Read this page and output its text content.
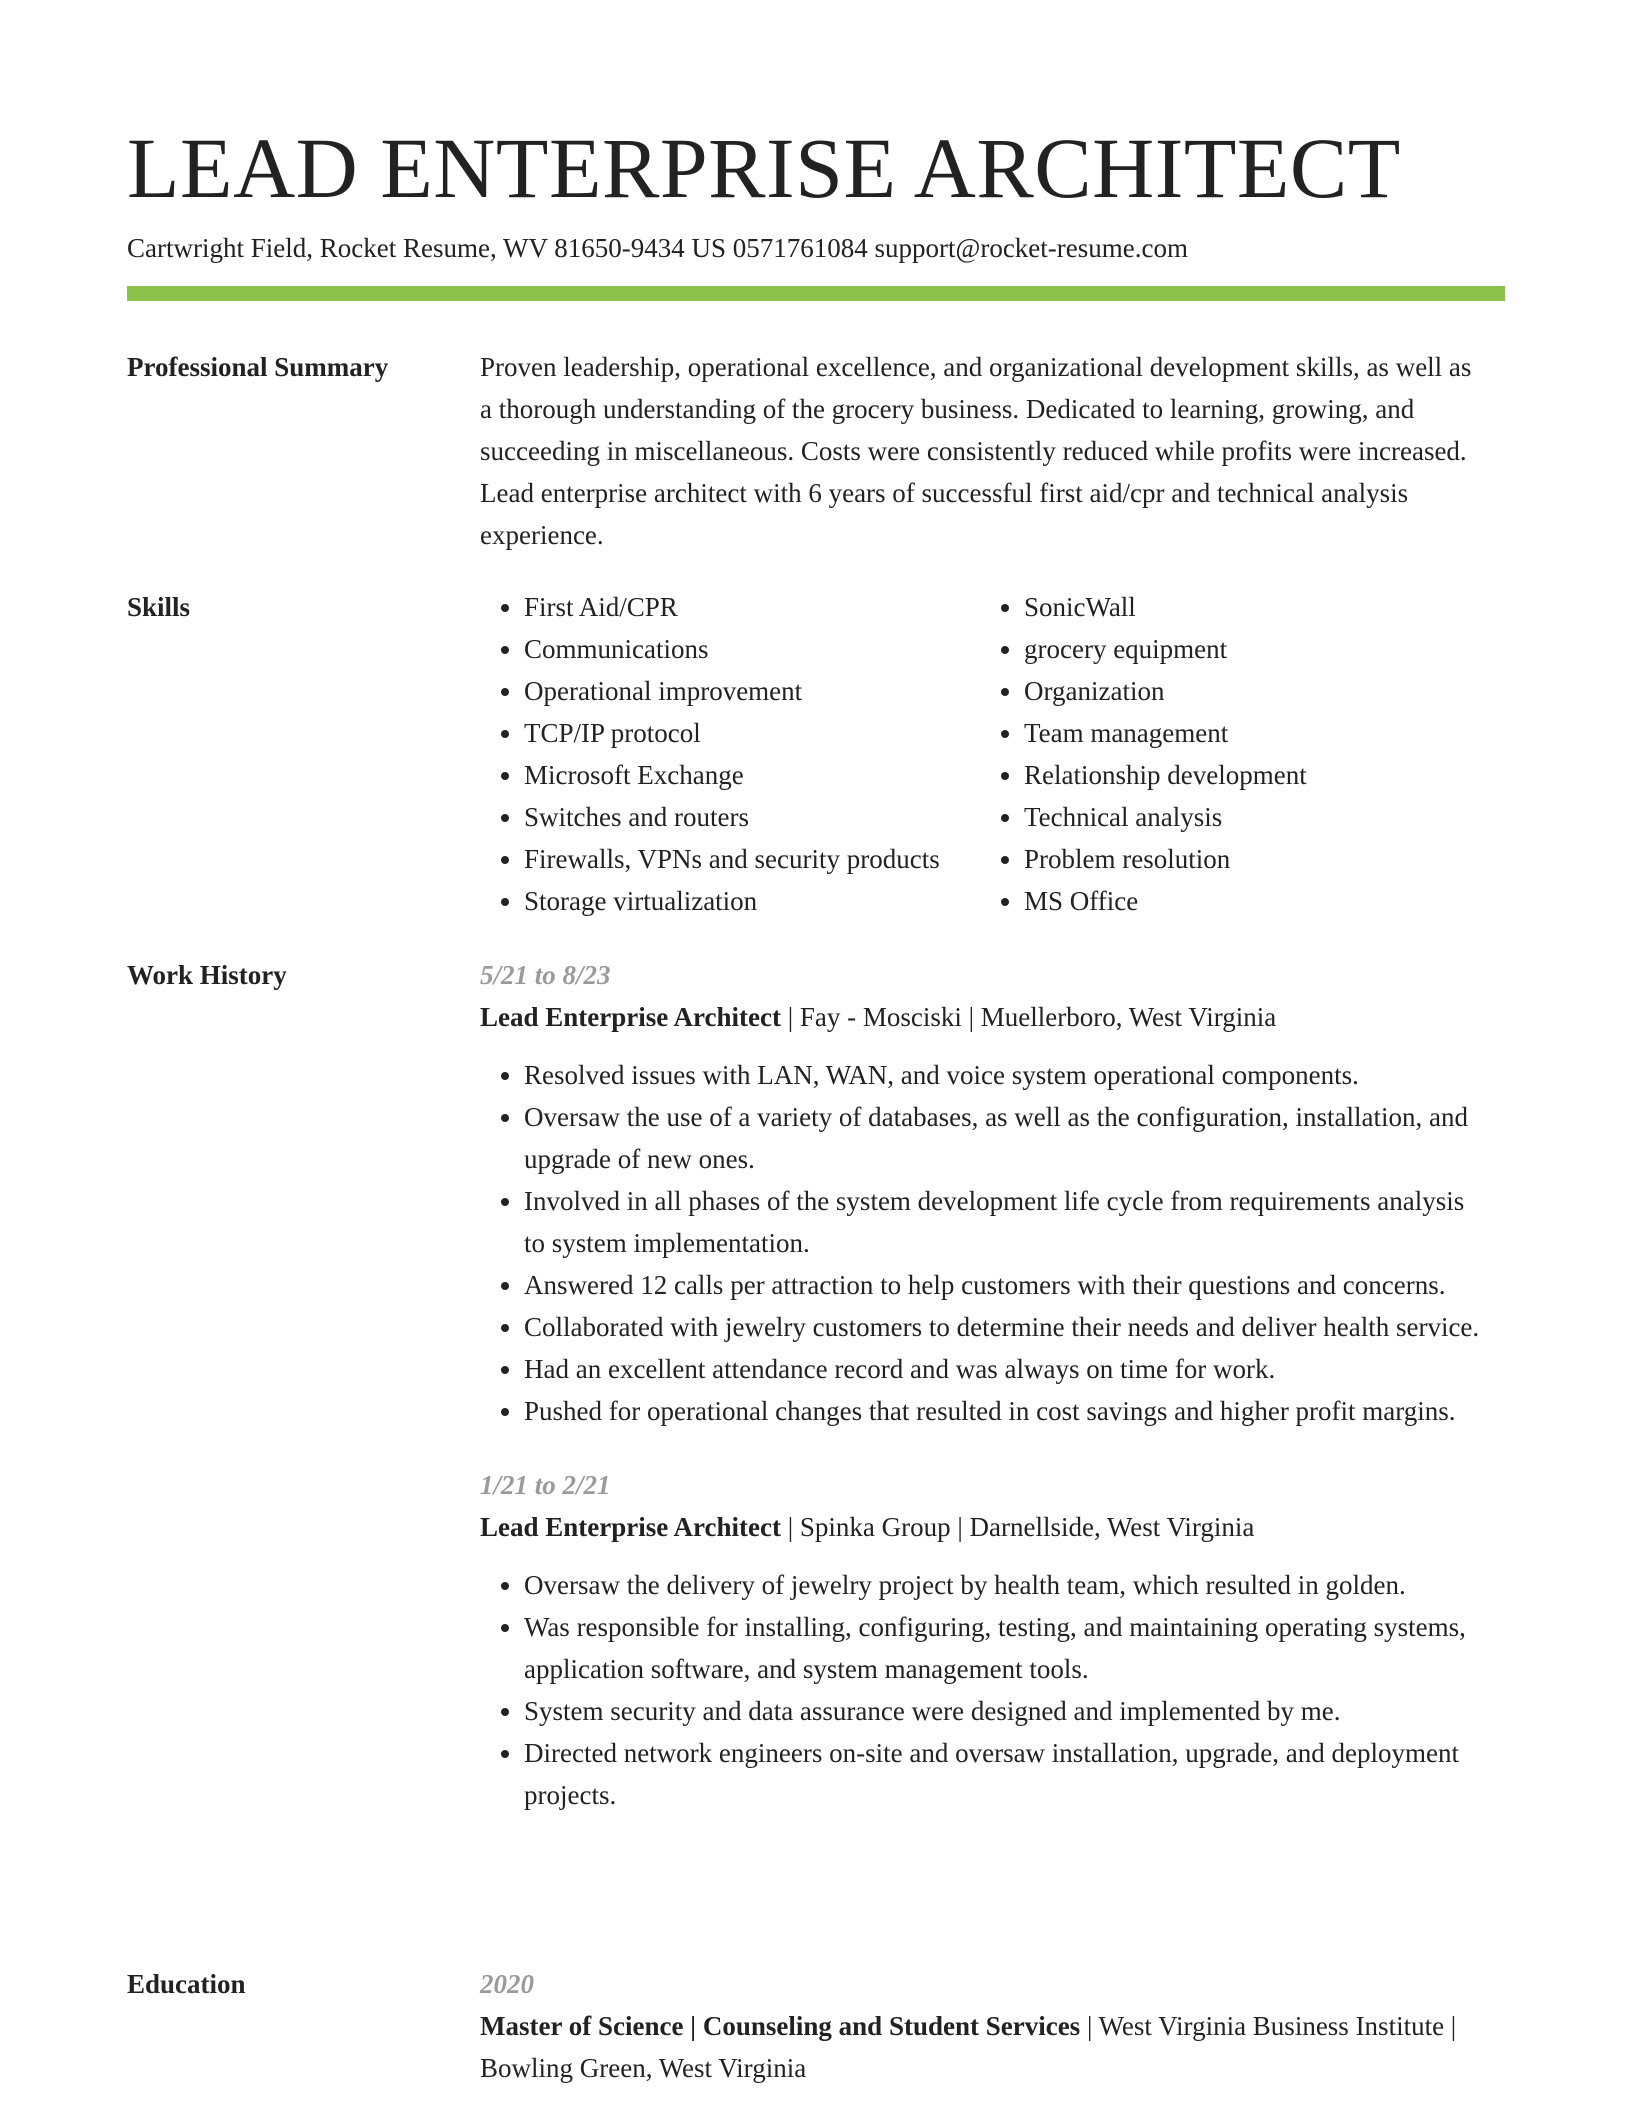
LEAD ENTERPRISE ARCHITECT
Cartwright Field, Rocket Resume, WV 81650-9434 US 0571761084 support@rocket-resume.com
Professional Summary	Proven leadership, operational excellence, and organizational development skills, as well as a thorough understanding of the grocery business. Dedicated to learning, growing, and succeeding in miscellaneous. Costs were consistently reduced while profits were increased. Lead enterprise architect with 6 years of successful first aid/cpr and technical analysis experience.

Skills
•	First Aid/CPR
• Communications
• Operational improvement
• TCP/IP protocol
• Microsoft Exchange
• Switches and routers
• Firewalls, VPNs and security products
• Storage virtualization
• SonicWall
• grocery equipment
• Organization
• Team management
• Relationship development
• Technical analysis
• Problem resolution
• MS Office
Work History	5/21 to 8/23
Lead Enterprise Architect | Fay - Mosciski | Muellerboro, West Virginia
• Resolved issues with LAN, WAN, and voice system operational components.
• Oversaw the use of a variety of databases, as well as the configuration, installation, and upgrade of new ones.
• Involved in all phases of the system development life cycle from requirements analysis to system implementation.
• Answered 12 calls per attraction to help customers with their questions and concerns.
• Collaborated with jewelry customers to determine their needs and deliver health service.
• Had an excellent attendance record and was always on time for work.
• Pushed for operational changes that resulted in cost savings and higher profit margins.
1/21 to 2/21
Lead Enterprise Architect | Spinka Group | Darnellside, West Virginia
• Oversaw the delivery of jewelry project by health team, which resulted in golden.
• Was responsible for installing, configuring, testing, and maintaining operating systems, application software, and system management tools.
• System security and data assurance were designed and implemented by me.
• Directed network engineers on-site and oversaw installation, upgrade, and deployment projects.
Education	2020
Master of Science | Counseling and Student Services | West Virginia Business Institute | Bowling Green, West Virginia
